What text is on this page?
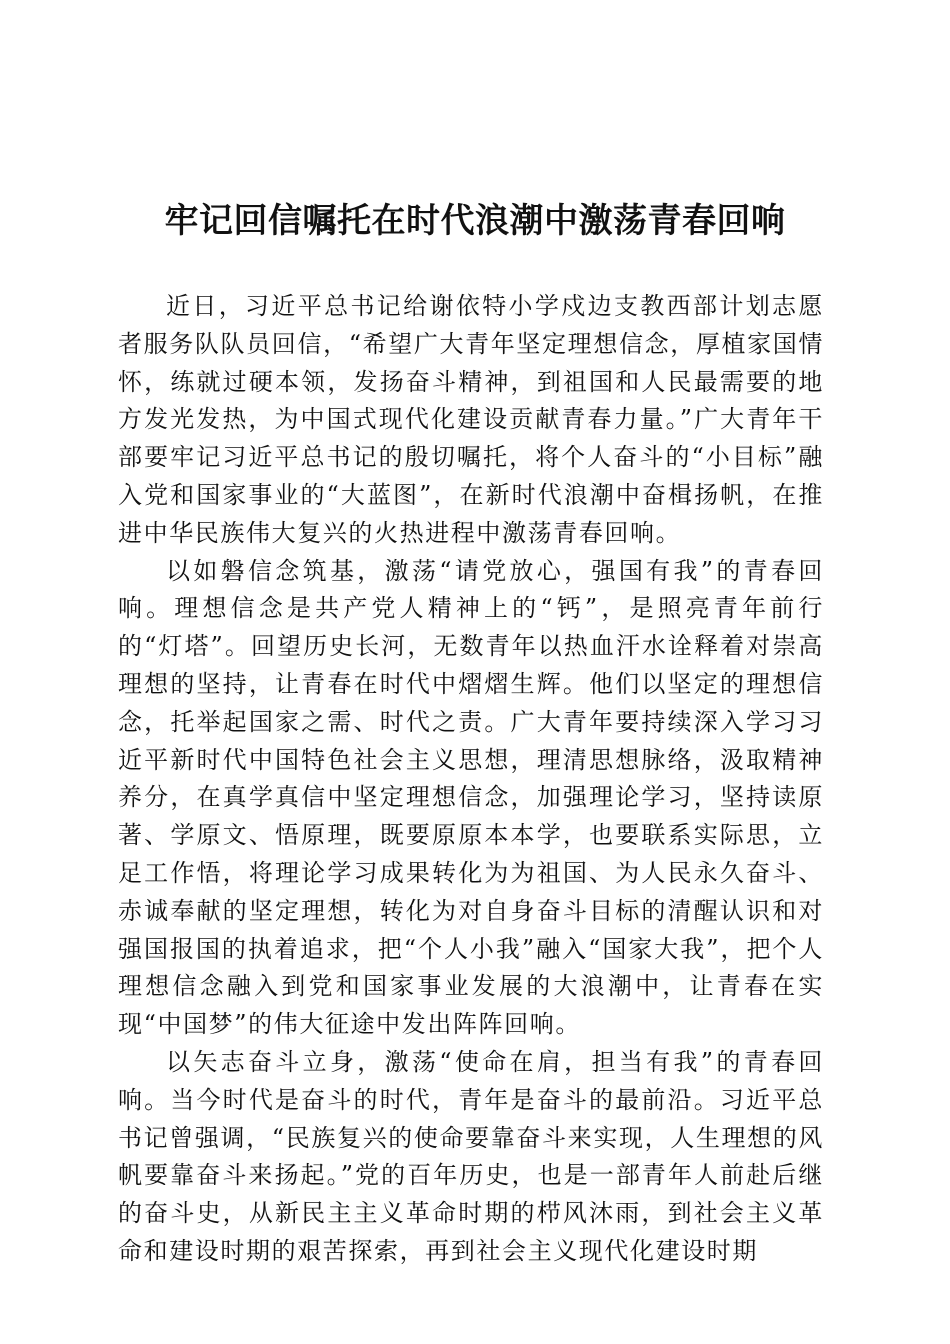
牢记回信嘱托在时代浪潮中激荡青春回响

近日，习近平总书记给谢依特小学戍边支教西部计划志愿者服务队队员回信，“希望广大青年坚定理想信念，厚植家国情怀，练就过硬本领，发扬奋斗精神，到祖国和人民最需要的地方发光发热，为中国式现代化建设贡献青春力量。”广大青年干部要牢记习近平总书记的殷切嘱托，将个人奋斗的“小目标”融入党和国家事业的“大蓝图”，在新时代浪潮中奋楫扬帆，在推进中华民族伟大复兴的火热进程中激荡青春回响。

以如磐信念筑基，激荡“请党放心，强国有我”的青春回响。理想信念是共产党人精神上的“钙”，是照亮青年前行的“灯塔”。回望历史长河，无数青年以热血汗水诠释着对崇高理想的坚持，让青春在时代中熠熠生辉。他们以坚定的理想信念，托举起国家之需、时代之责。广大青年要持续深入学习习近平新时代中国特色社会主义思想，理清思想脉络，汲取精神养分，在真学真信中坚定理想信念，加强理论学习，坚持读原著、学原文、悟原理，既要原原本本学，也要联系实际思，立足工作悟，将理论学习成果转化为为祖国、为人民永久奋斗、赤诚奉献的坚定理想，转化为对自身奋斗目标的清醒认识和对强国报国的执着追求，把“个人小我”融入“国家大我”，把个人理想信念融入到党和国家事业发展的大浪潮中，让青春在实现“中国梦”的伟大征途中发出阵阵回响。

以矢志奋斗立身，激荡“使命在肩，担当有我”的青春回响。当今时代是奋斗的时代，青年是奋斗的最前沿。习近平总书记曾强调，“民族复兴的使命要靠奋斗来实现，人生理想的风帆要靠奋斗来扬起。”党的百年历史，也是一部青年人前赴后继的奋斗史，从新民主主义革命时期的栉风沐雨，到社会主义革命和建设时期的艰苦探索，再到社会主义现代化建设时期
